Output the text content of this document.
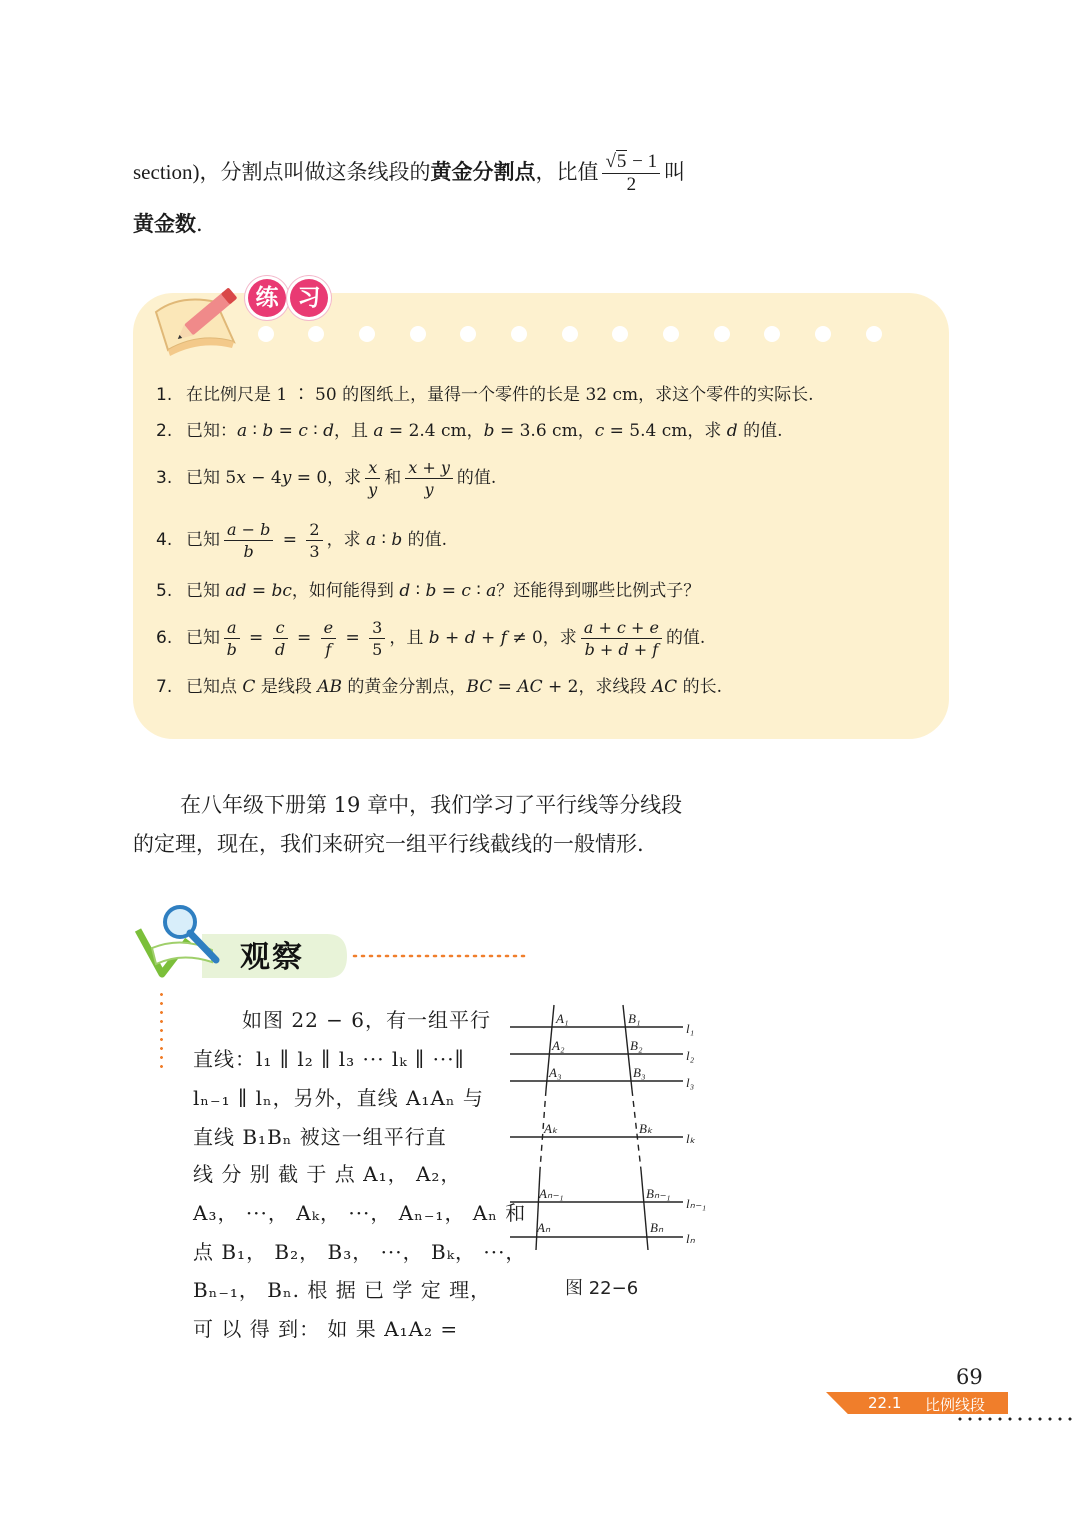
section)，分割点叫做这条线段的黄金分割点，比值 $\frac{√5 - 1}{2}$ 叫
黄金数.
练 习
1. 在比例尺是 1 ∶ 50 的图纸上，量得一个零件的长是 32 cm，求这个零件的实际长.
2. 已知：a ∶ b = c ∶ d，且 a = 2.4 cm，b = 3.6 cm，c = 5.4 cm，求 d 的值.
3. 已知 5x − 4y = 0，求 $\frac{x}{y}$ 和 $\frac{x + y}{y}$ 的值.
4. 已知 $\frac{a - b}{b} = \frac{2}{3}$ ，求 a ∶ b 的值.
5. 已知 ad = bc，如何能得到 d ∶ b = c ∶ a？还能得到哪些比例式子？
6. 已知 $\frac{a}{b} = \frac{c}{d} = \frac{e}{f} = \frac{3}{5}$ ，且 b + d + f ≠ 0，求 $\frac{a + c + e}{b + d + f}$ 的值.
7. 已知点 C 是线段 AB 的黄金分割点，BC = AC + 2，求线段 AC 的长.
在八年级下册第 19 章中，我们学习了平行线等分线段
的定理，现在，我们来研究一组平行线截线的一般情形.
观察
如图 22 − 6，有一组平行
直线：l₁ ∥ l₂ ∥ l₃ ··· lₖ ∥ ···∥
lₙ₋₁ ∥ lₙ，另外，直线 A₁Aₙ 与
直线 B₁Bₙ 被这一组平行直
线 分 别 截 于 点 A₁， A₂，
A₃， ···， Aₖ， ···， Aₙ₋₁， Aₙ 和
点 B₁， B₂， B₃， ···， Bₖ， ···，
Bₙ₋₁， Bₙ. 根 据 已 学 定 理，
可 以 得 到： 如 果 A₁A₂ =
A₁
A₂
A₃
Aₖ
Aₙ₋₁
Aₙ
B₁
B₂
B₃
Bₖ
Bₙ₋₁
Bₙ
l₁
l₂
l₃
lₖ
lₙ₋₁
lₙ
图 22−6
69
22.1 比例线段
